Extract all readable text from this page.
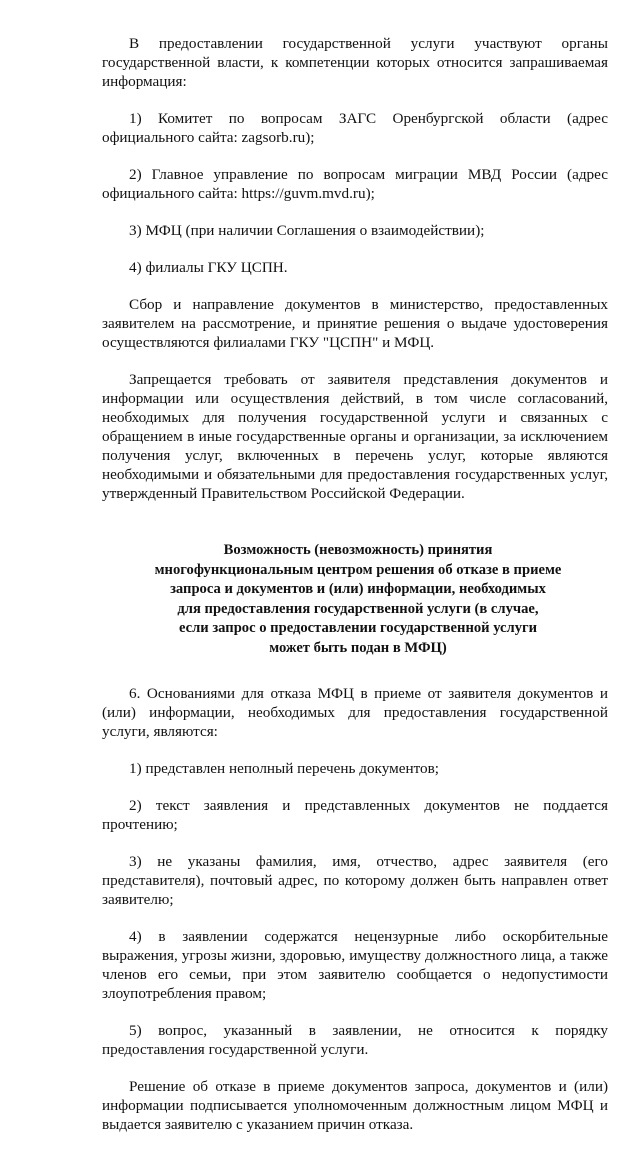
В предоставлении государственной услуги участвуют органы государственной власти, к компетенции которых относится запрашиваемая информация:

1) Комитет по вопросам ЗАГС Оренбургской области (адрес официального сайта: zagsorb.ru);

2) Главное управление по вопросам миграции МВД России (адрес официального сайта: https://guvm.mvd.ru);

3) МФЦ (при наличии Соглашения о взаимодействии);

4) филиалы ГКУ ЦСПН.

Сбор и направление документов в министерство, предоставленных заявителем на рассмотрение, и принятие решения о выдаче удостоверения осуществляются филиалами ГКУ "ЦСПН" и МФЦ.

Запрещается требовать от заявителя представления документов и информации или осуществления действий, в том числе согласований, необходимых для получения государственной услуги и связанных с обращением в иные государственные органы и организации, за исключением получения услуг, включенных в перечень услуг, которые являются необходимыми и обязательными для предоставления государственных услуг, утвержденный Правительством Российской Федерации.

Возможность (невозможность) принятия
многофункциональным центром решения об отказе в приеме
запроса и документов и (или) информации, необходимых
для предоставления государственной услуги (в случае,
если запрос о предоставлении государственной услуги
может быть подан в МФЦ)

6. Основаниями для отказа МФЦ в приеме от заявителя документов и (или) информации, необходимых для предоставления государственной услуги, являются:

1) представлен неполный перечень документов;

2) текст заявления и представленных документов не поддается прочтению;

3) не указаны фамилия, имя, отчество, адрес заявителя (его представителя), почтовый адрес, по которому должен быть направлен ответ заявителю;

4) в заявлении содержатся нецензурные либо оскорбительные выражения, угрозы жизни, здоровью, имуществу должностного лица, а также членов его семьи, при этом заявителю сообщается о недопустимости злоупотребления правом;

5) вопрос, указанный в заявлении, не относится к порядку предоставления государственной услуги.

Решение об отказе в приеме документов запроса, документов и (или) информации подписывается уполномоченным должностным лицом МФЦ и выдается заявителю с указанием причин отказа.
